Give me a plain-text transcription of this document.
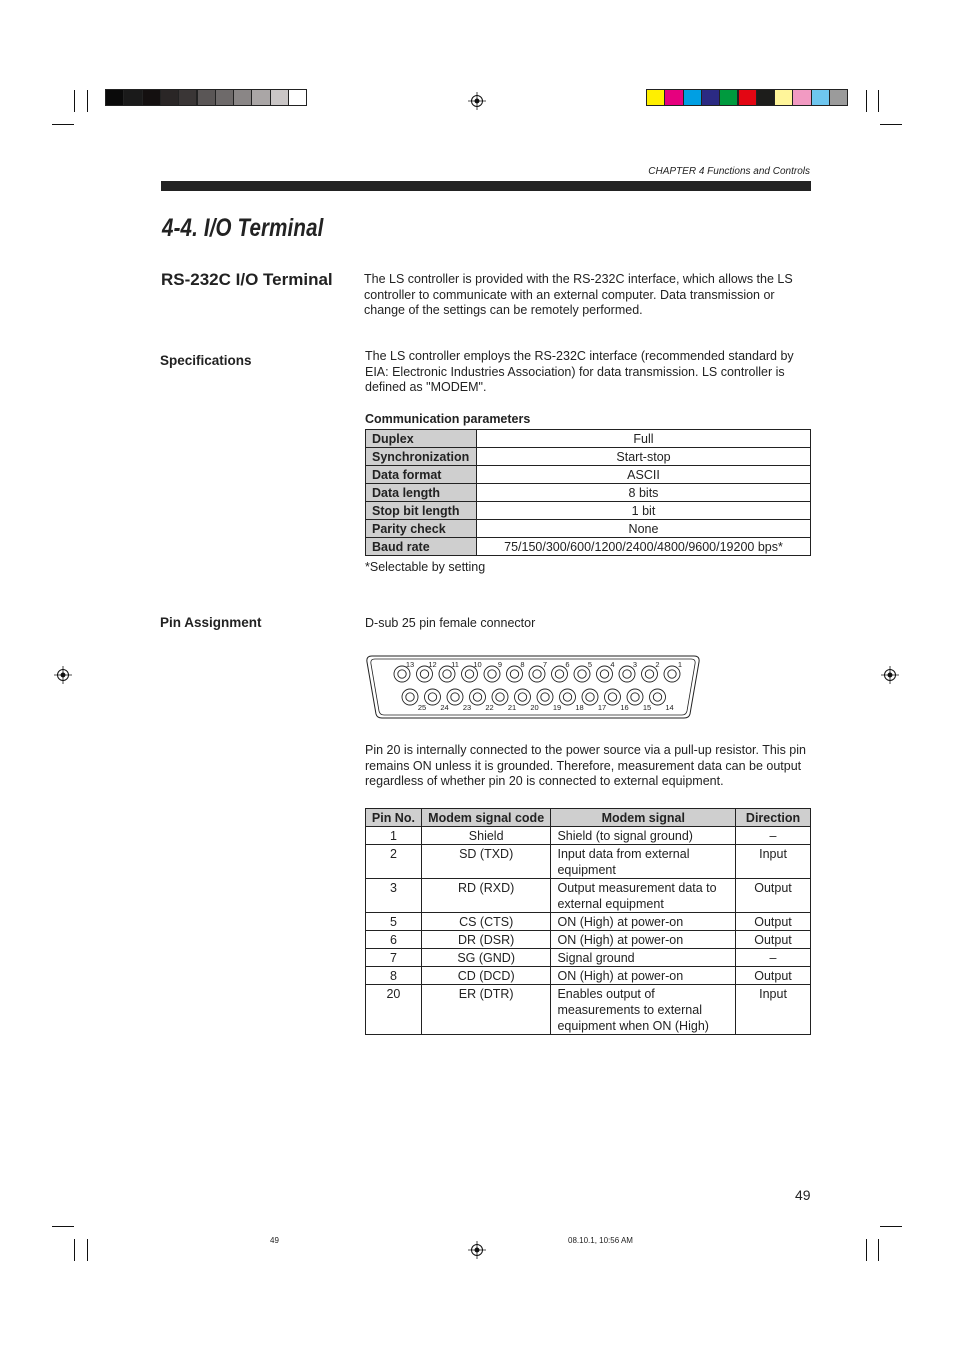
CHAPTER 4 Functions and Controls
4-4. I/O Terminal
RS-232C I/O Terminal	The LS controller is provided with the RS-232C interface, which allows the LS controller to communicate with an external computer. Data transmission or change of the settings can be remotely performed.
Specifications	The LS controller employs the RS-232C interface (recommended standard by EIA: Electronic Industries Association) for data transmission. LS controller is defined as "MODEM".
Communication parameters
Duplex	Full
Synchronization	Start-stop
Data format	ASCII
Data length	8 bits
Stop bit length	1 bit
Parity check	None
Baud rate	75/150/300/600/1200/2400/4800/9600/19200 bps*
*Selectable by setting
Pin Assignment	D-sub 25 pin female connector
13 12 11 10 9 8 7 6 5 4 3 2 1
25 24 23 22 21 20 19 18 17 16 15 14
Pin 20 is internally connected to the power source via a pull-up resistor. This pin remains ON unless it is grounded. Therefore, measurement data can be output regardless of whether pin 20 is connected to external equipment.
Pin No.	Modem signal code	Modem signal	Direction
1	Shield	Shield (to signal ground)	–
2	SD (TXD)	Input data from external equipment	Input
3	RD (RXD)	Output measurement data to external equipment	Output
5	CS (CTS)	ON (High) at power-on	Output
6	DR (DSR)	ON (High) at power-on	Output
7	SG (GND)	Signal ground	–
8	CD (DCD)	ON (High) at power-on	Output
20	ER (DTR)	Enables output of measurements to external equipment when ON (High)	Input
49
49	08.10.1, 10:56 AM
